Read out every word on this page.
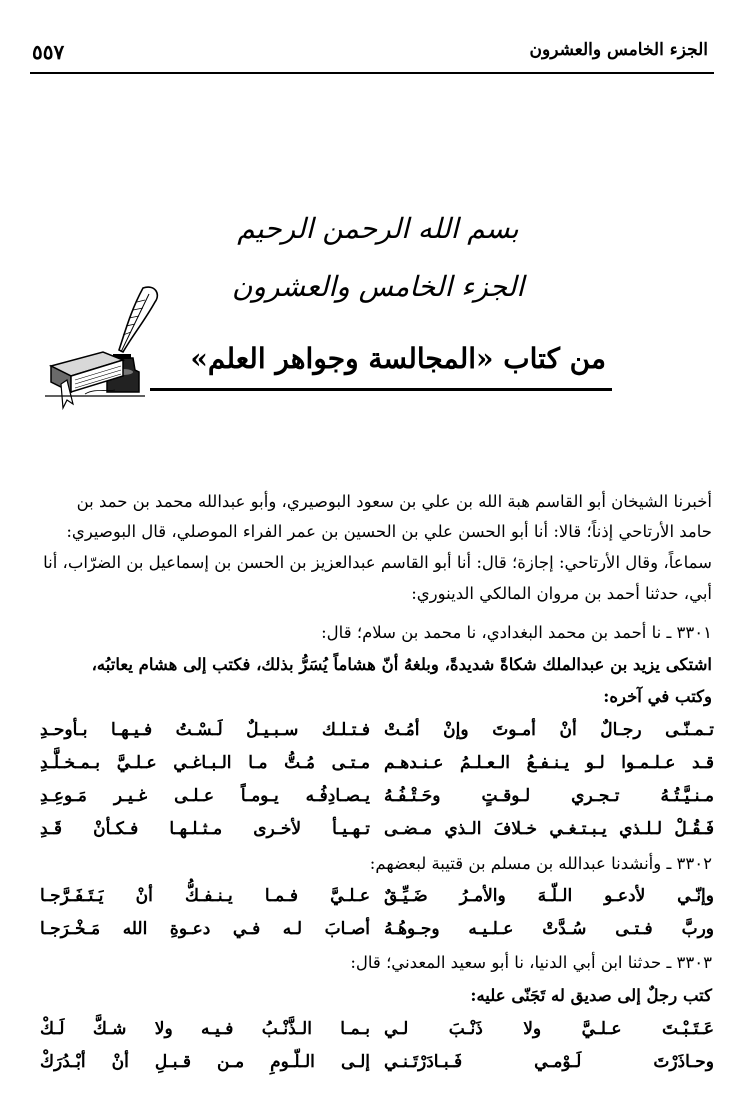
الجزء الخامس والعشرون
٥٥٧
بسم الله الرحمن الرحيم
الجزء الخامس والعشرون
من كتاب «المجالسة وجواهر العلم»
أخبرنا الشيخان أبو القاسم هبة الله بن علي بن سعود البوصيري، وأبو عبدالله محمد بن حمد بن
حامد الأرتاحي إذناً؛ قالا: أنا أبو الحسن علي بن الحسين بن عمر الفراء الموصلي، قال البوصيري:
سماعاً، وقال الأرتاحي: إجازة؛ قال: أنا أبو القاسم عبدالعزيز بن الحسن بن إسماعيل بن الضرّاب، أنا
أبي، حدثنا أحمد بن مروان المالكي الدينوري:
٣٣٠١ ـ نا أحمد بن محمد البغدادي، نا محمد بن سلام؛ قال:
اشتكى يزيد بن عبدالملك شكاةً شديدةً، وبلغهُ أنّ هشاماً يُسَرُّ بذلك، فكتب إلى هشام يعاتبُه،
وكتب في آخره:
تـمـنّـى رجـالٌ أنْ أمـوتَ وإنْ أمُـتْ
فـتـلـك سـبـيـلٌ لَـسْـتُ فـيـهـا بـأوحـدِ
قـد عـلـمـوا لـو يـنـفـعُ الـعـلـمُ عـنـدهـم
مـتـى مُـتُّ مـا الـبـاغـي عـلـيَّ بـمـخـلَّـدِ
مـنـيَّـتُـهُ تـجـري لـوقـتٍ وحَـتْـفُـهُ
يـصـادِفُـه يـومـاً عـلـى غـيـر مَـوعِـدِ
فَـقُـلْ لـلـذي يـبـتـغـي خـلافَ الـذي مـضـى
تـهـيـأ لأخـرى مـثـلـهـا فـكـأنْ قَـدِ
٣٣٠٢ ـ وأنشدنا عبدالله بن مسلم بن قتيبة لبعضهم:
وإنّـي لأدعـو الـلّـهَ والأمـرُ ضَـيِّـقٌ
عـلـيَّ فـمـا يـنـفـكُّ أنْ يَـتَـفَـرَّجـا
وربَّ فـتـى سُـدَّتْ عـلـيـه وجـوهُـهُ
أصـابَ لـه فـي دعـوةِ الله مَـخْـرَجـا
٣٣٠٣ ـ حدثنا ابن أبي الدنيا، نا أبو سعيد المعدني؛ قال:
كتب رجلٌ إلى صديق له تَجَنّى عليه:
عَـتَـبْـتَ عـلـيَّ ولا ذَنْـبَ لـي
بـمـا الـذَّنْـبُ فـيـه ولا شـكَّ لَـكْ
وحـاذَرْتَ لَـوْمـي فَـبـادَرْتَـنـي
إلـى الـلّـومِ مـن قـبـلِ أنْ أبْـدُرَكْ
